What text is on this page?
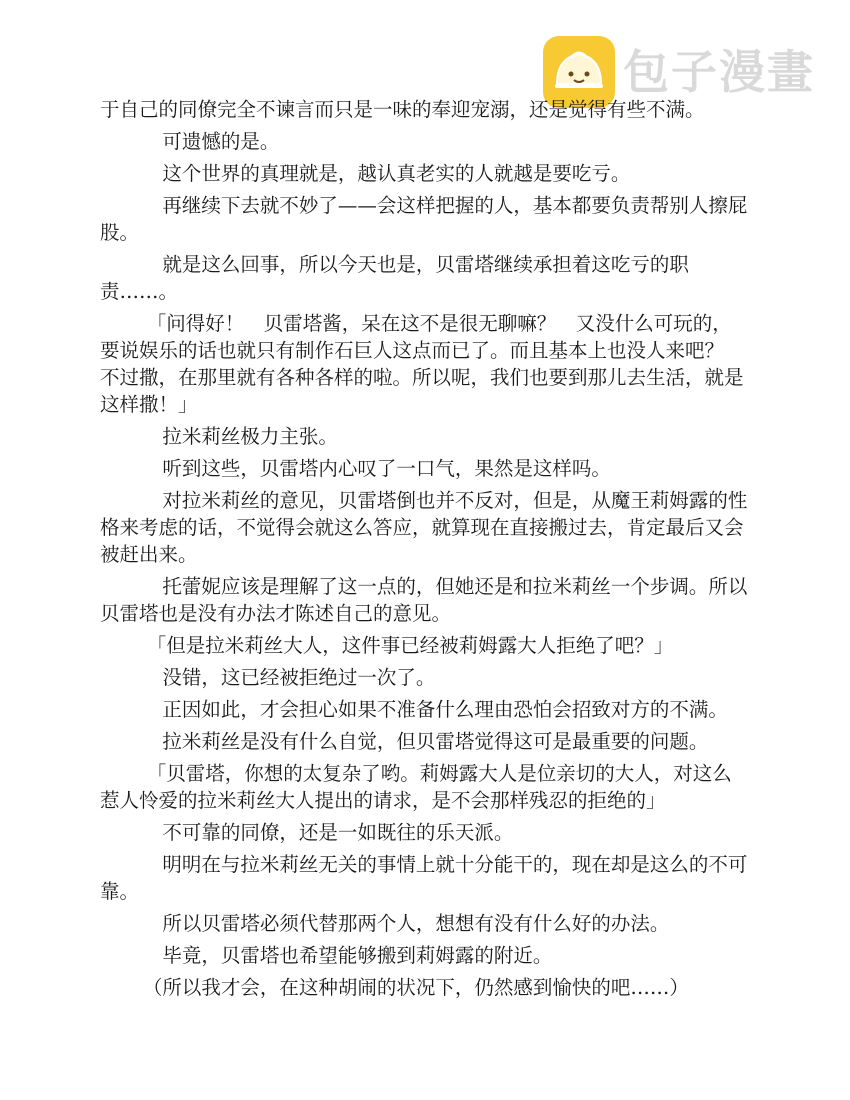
包子漫畫

于自己的同僚完全不谏言而只是一味的奉迎宠溺，还是觉得有些不满。

可遗憾的是。

这个世界的真理就是，越认真老实的人就越是要吃亏。

再继续下去就不妙了——会这样把握的人，基本都要负责帮别人擦屁股。

就是这么回事，所以今天也是，贝雷塔继续承担着这吃亏的职责……。

「问得好！　贝雷塔酱，呆在这不是很无聊嘛？　又没什么可玩的，要说娱乐的话也就只有制作石巨人这点而已了。而且基本上也没人来吧？　 不过撒，在那里就有各种各样的啦。所以呢，我们也要到那儿去生活，就是这样撒！」

拉米莉丝极力主张。

听到这些，贝雷塔内心叹了一口气，果然是这样吗。

对拉米莉丝的意见，贝雷塔倒也并不反对，但是，从魔王莉姆露的性格来考虑的话，不觉得会就这么答应，就算现在直接搬过去，肯定最后又会被赶出来。

托蕾妮应该是理解了这一点的，但她还是和拉米莉丝一个步调。所以贝雷塔也是没有办法才陈述自己的意见。

「但是拉米莉丝大人，这件事已经被莉姆露大人拒绝了吧？」

没错，这已经被拒绝过一次了。

正因如此，才会担心如果不准备什么理由恐怕会招致对方的不满。

拉米莉丝是没有什么自觉，但贝雷塔觉得这可是最重要的问题。

「贝雷塔，你想的太复杂了哟。莉姆露大人是位亲切的大人，对这么惹人怜爱的拉米莉丝大人提出的请求，是不会那样残忍的拒绝的」

不可靠的同僚，还是一如既往的乐天派。

明明在与拉米莉丝无关的事情上就十分能干的，现在却是这么的不可靠。

所以贝雷塔必须代替那两个人，想想有没有什么好的办法。

毕竟，贝雷塔也希望能够搬到莉姆露的附近。

（所以我才会，在这种胡闹的状况下，仍然感到愉快的吧……）
